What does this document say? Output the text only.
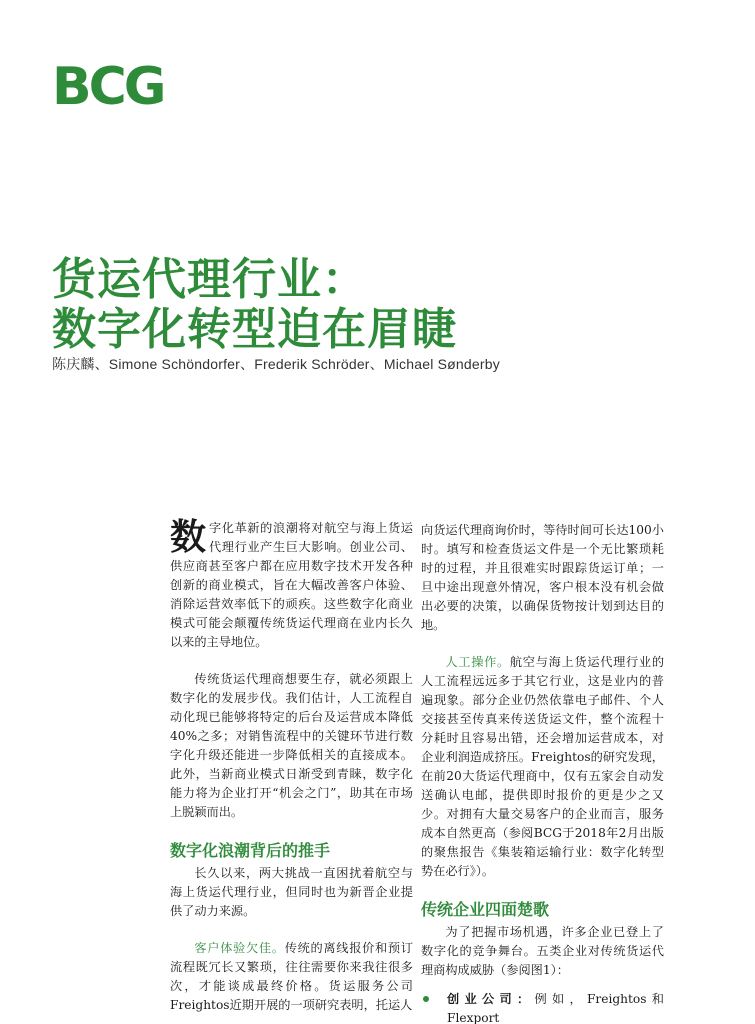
BCG
货运代理行业：
数字化转型迫在眉睫
陈庆麟、Simone Schöndorfer、Frederik Schröder、Michael Sønderby

数字化革新的浪潮将对航空与海上货运代理行业产生巨大影响。创业公司、供应商甚至客户都在应用数字技术开发各种创新的商业模式，旨在大幅改善客户体验、消除运营效率低下的顽疾。这些数字化商业模式可能会颠覆传统货运代理商在业内长久以来的主导地位。

传统货运代理商想要生存，就必须跟上数字化的发展步伐。我们估计，人工流程自动化现已能够将特定的后台及运营成本降低40%之多；对销售流程中的关键环节进行数字化升级还能进一步降低相关的直接成本。此外，当新商业模式日渐受到青睐，数字化能力将为企业打开“机会之门”，助其在市场上脱颖而出。

数字化浪潮背后的推手

长久以来，两大挑战一直困扰着航空与海上货运代理行业，但同时也为新晋企业提供了动力来源。

客户体验欠佳。传统的离线报价和预订流程既冗长又繁琐，往往需要你来我往很多次，才能谈成最终价格。货运服务公司Freightos近期开展的一项研究表明，托运人

向货运代理商询价时，等待时间可长达100小时。填写和检查货运文件是一个无比繁琐耗时的过程，并且很难实时跟踪货运订单；一旦中途出现意外情况，客户根本没有机会做出必要的决策，以确保货物按计划到达目的地。

人工操作。航空与海上货运代理行业的人工流程远远多于其它行业，这是业内的普遍现象。部分企业仍然依靠电子邮件、个人交接甚至传真来传送货运文件，整个流程十分耗时且容易出错，还会增加运营成本，对企业利润造成挤压。Freightos的研究发现，在前20大货运代理商中，仅有五家会自动发送确认电邮，提供即时报价的更是少之又少。对拥有大量交易客户的企业而言，服务成本自然更高（参阅BCG于2018年2月出版的聚焦报告《集装箱运输行业：数字化转型势在必行》）。

传统企业四面楚歌

为了把握市场机遇，许多企业已登上了数字化的竞争舞台。五类企业对传统货运代理商构成威胁（参阅图1）：

创业公司：例如，Freightos和Flexport
